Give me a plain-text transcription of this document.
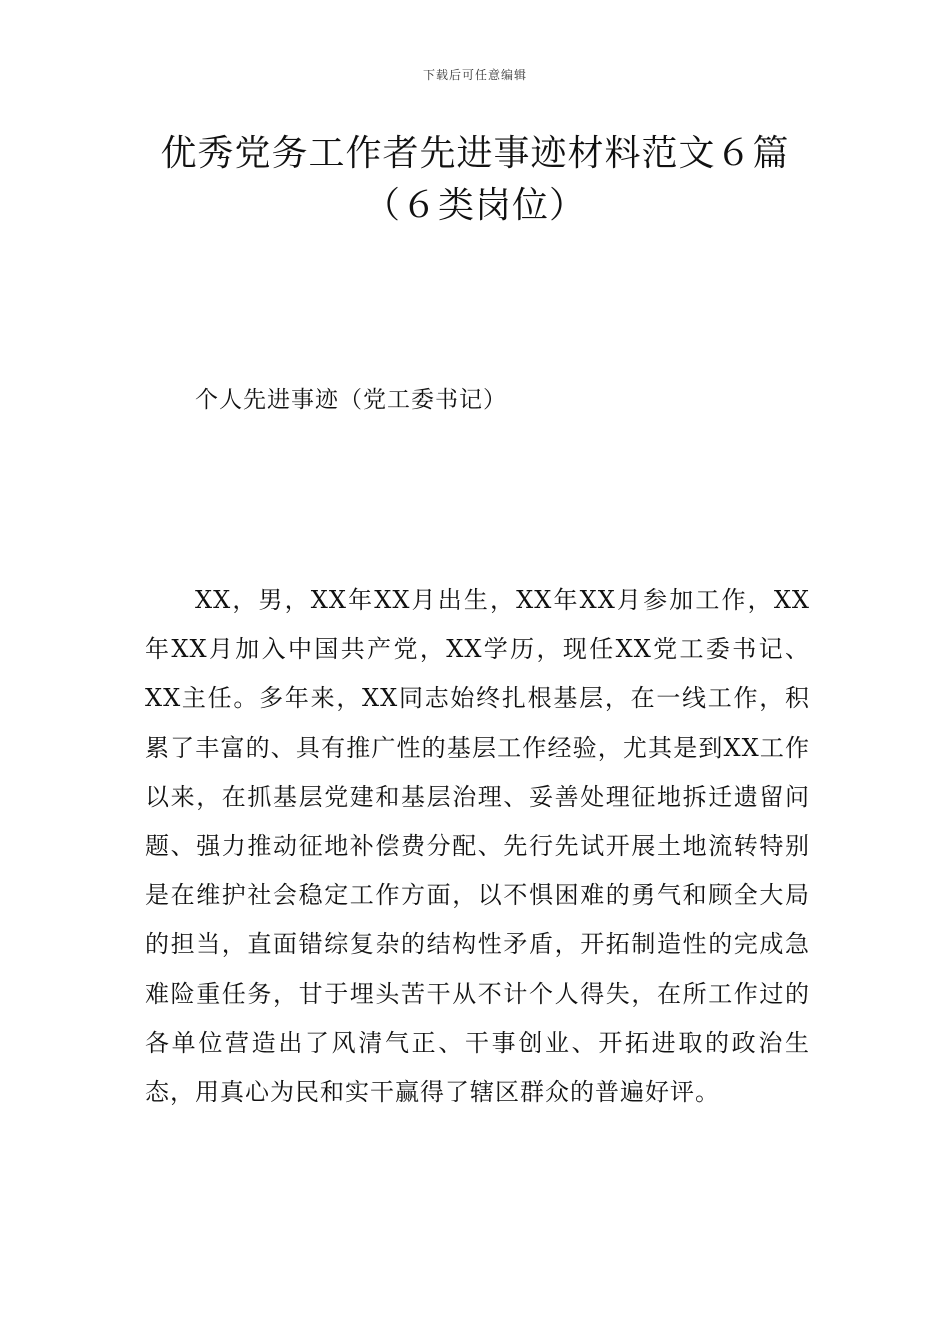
下载后可任意编辑
优秀党务工作者先进事迹材料范文６篇（６类岗位）
个人先进事迹（党工委书记）

XX，男，XX年XX月出生，XX年XX月参加工作，XX年XX月加入中国共产党，XX学历，现任XX党工委书记、XX主任。多年来，XX同志始终扎根基层，在一线工作，积累了丰富的、具有推广性的基层工作经验，尤其是到XX工作以来，在抓基层党建和基层治理、妥善处理征地拆迁遗留问题、强力推动征地补偿费分配、先行先试开展土地流转特别是在维护社会稳定工作方面，以不惧困难的勇气和顾全大局的担当，直面错综复杂的结构性矛盾，开拓制造性的完成急难险重任务，甘于埋头苦干从不计个人得失，在所工作过的各单位营造出了风清气正、干事创业、开拓进取的政治生态，用真心为民和实干赢得了辖区群众的普遍好评。
